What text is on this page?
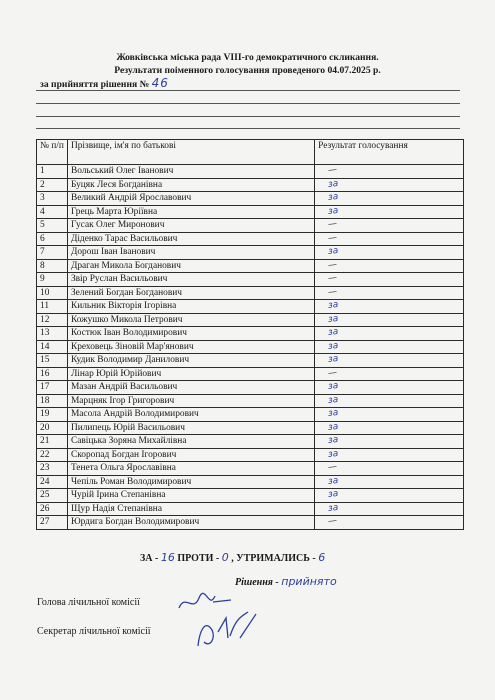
Жовківська міська рада VIII-го демократичного скликання.
Результати поіменного голосування проведеного 04.07.2025 р.
за прийняття рішення № 46
№ п/п	Прізвище, ім'я по батькові	Результат голосування
1	Вольський Олег Іванович	—
2	Буцяк Леся Богданівна	за
3	Великий Андрій Ярославович	за
4	Грець Марта Юріївна	за
5	Гусак Олег Миронович	—
6	Діденко Тарас Васильович	—
7	Дорош Іван Іванович	за
8	Драган Микола Богданович	—
9	Звір Руслан Васильович	—
10	Зелений Богдан Богданович	—
11	Кильник Вікторія Ігорівна	за
12	Кожушко Микола Петрович	за
13	Костюк Іван Володимирович	за
14	Креховець Зіновій Мар'янович	за
15	Кудик Володимир Данилович	за
16	Лінар Юрій Юрійович	—
17	Мазан Андрій Васильович	за
18	Марцняк Ігор Григорович	за
19	Масола Андрій Володимирович	за
20	Пилипець Юрій Васильович	за
21	Савіцька Зоряна Михайлівна	за
22	Скоропад Богдан Ігорович	за
23	Тенета Ольга Ярославівна	—
24	Чепіль Роман Володимирович	за
25	Чурій Ірина Степанівна	за
26	Щур Надія Степанівна	за
27	Юрдига Богдан Володимирович	—
ЗА - 16 ПРОТИ - 0 , УТРИМАЛИСЬ - 6
Рішення - прийнято
Голова лічильної комісії
Секретар лічильної комісії
